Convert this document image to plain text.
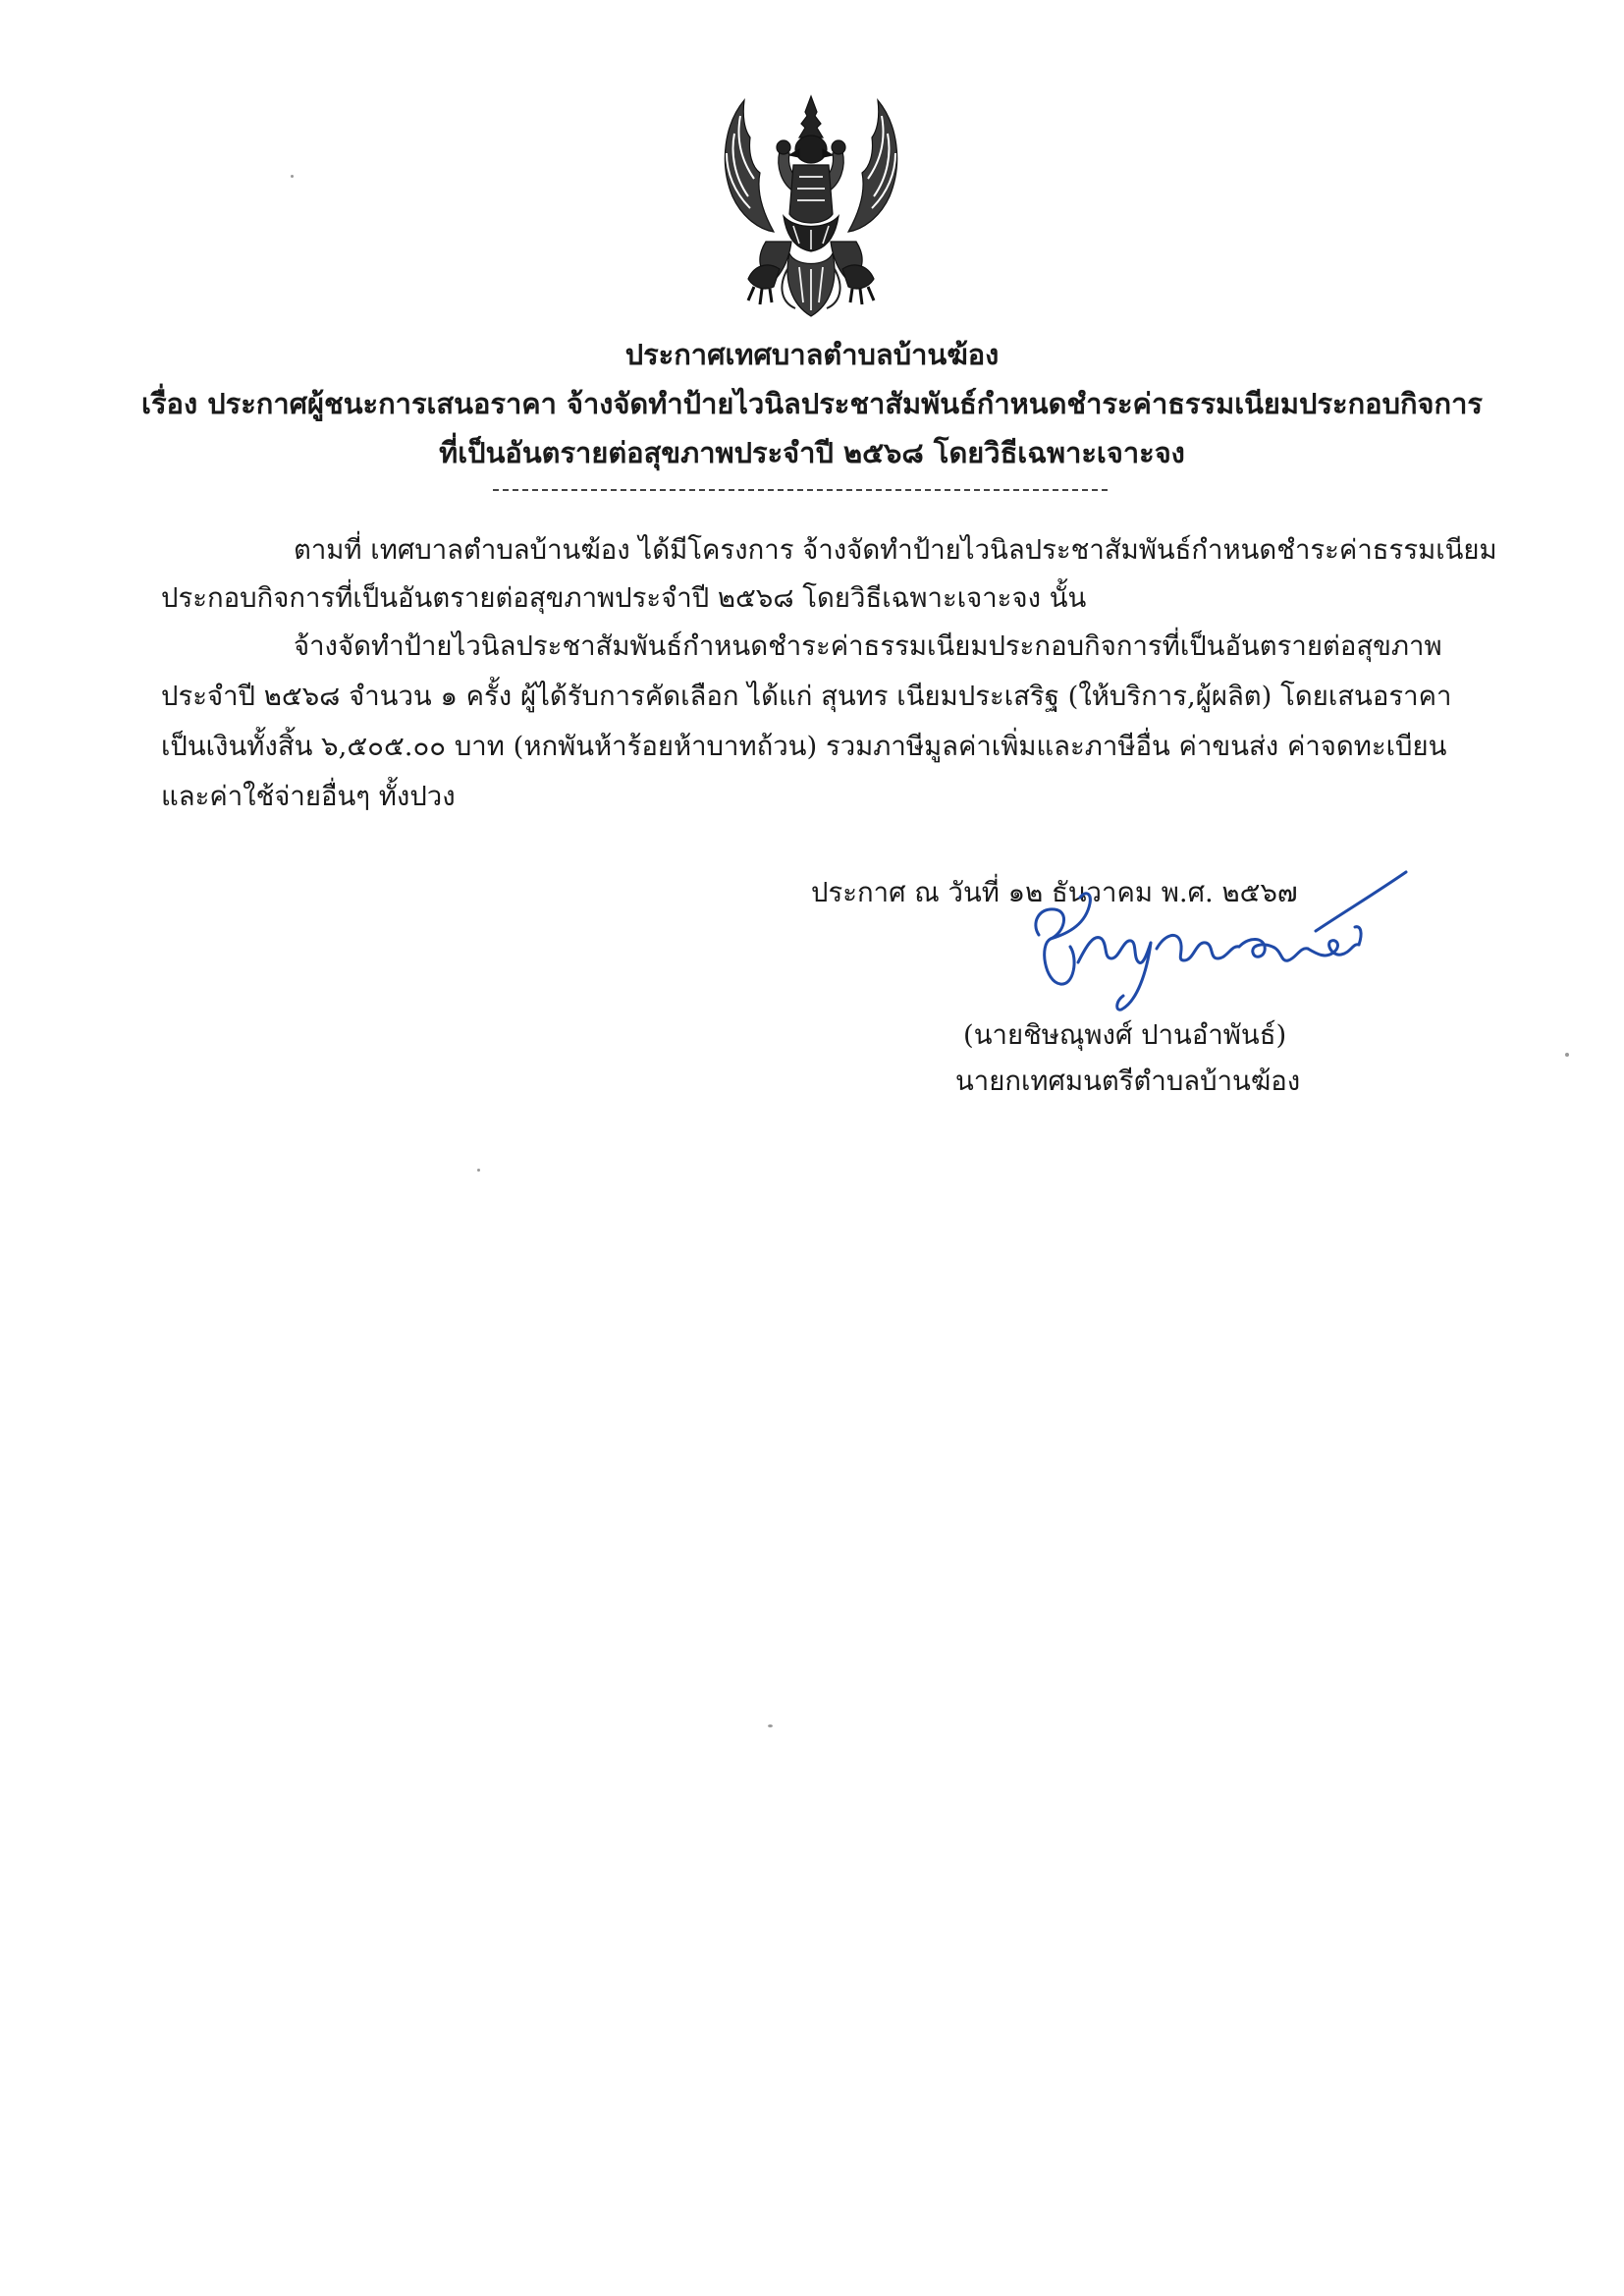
ประกาศเทศบาลตำบลบ้านฆ้อง
เรื่อง ประกาศผู้ชนะการเสนอราคา จ้างจัดทำป้ายไวนิลประชาสัมพันธ์กำหนดชำระค่าธรรมเนียมประกอบกิจการ
ที่เป็นอันตรายต่อสุขภาพประจำปี ๒๕๖๘ โดยวิธีเฉพาะเจาะจง
ตามที่ เทศบาลตำบลบ้านฆ้อง ได้มีโครงการ จ้างจัดทำป้ายไวนิลประชาสัมพันธ์กำหนดชำระค่าธรรมเนียม
ประกอบกิจการที่เป็นอันตรายต่อสุขภาพประจำปี ๒๕๖๘ โดยวิธีเฉพาะเจาะจง นั้น
จ้างจัดทำป้ายไวนิลประชาสัมพันธ์กำหนดชำระค่าธรรมเนียมประกอบกิจการที่เป็นอันตรายต่อสุขภาพ
ประจำปี ๒๕๖๘ จำนวน ๑ ครั้ง ผู้ได้รับการคัดเลือก ได้แก่ สุนทร เนียมประเสริฐ (ให้บริการ,ผู้ผลิต) โดยเสนอราคา
เป็นเงินทั้งสิ้น ๖,๕๐๕.๐๐ บาท (หกพันห้าร้อยห้าบาทถ้วน) รวมภาษีมูลค่าเพิ่มและภาษีอื่น ค่าขนส่ง ค่าจดทะเบียน
และค่าใช้จ่ายอื่นๆ ทั้งปวง
ประกาศ ณ วันที่ ๑๒ ธันวาคม พ.ศ. ๒๕๖๗
(นายชิษณุพงศ์ ปานอำพันธ์)
นายกเทศมนตรีตำบลบ้านฆ้อง
